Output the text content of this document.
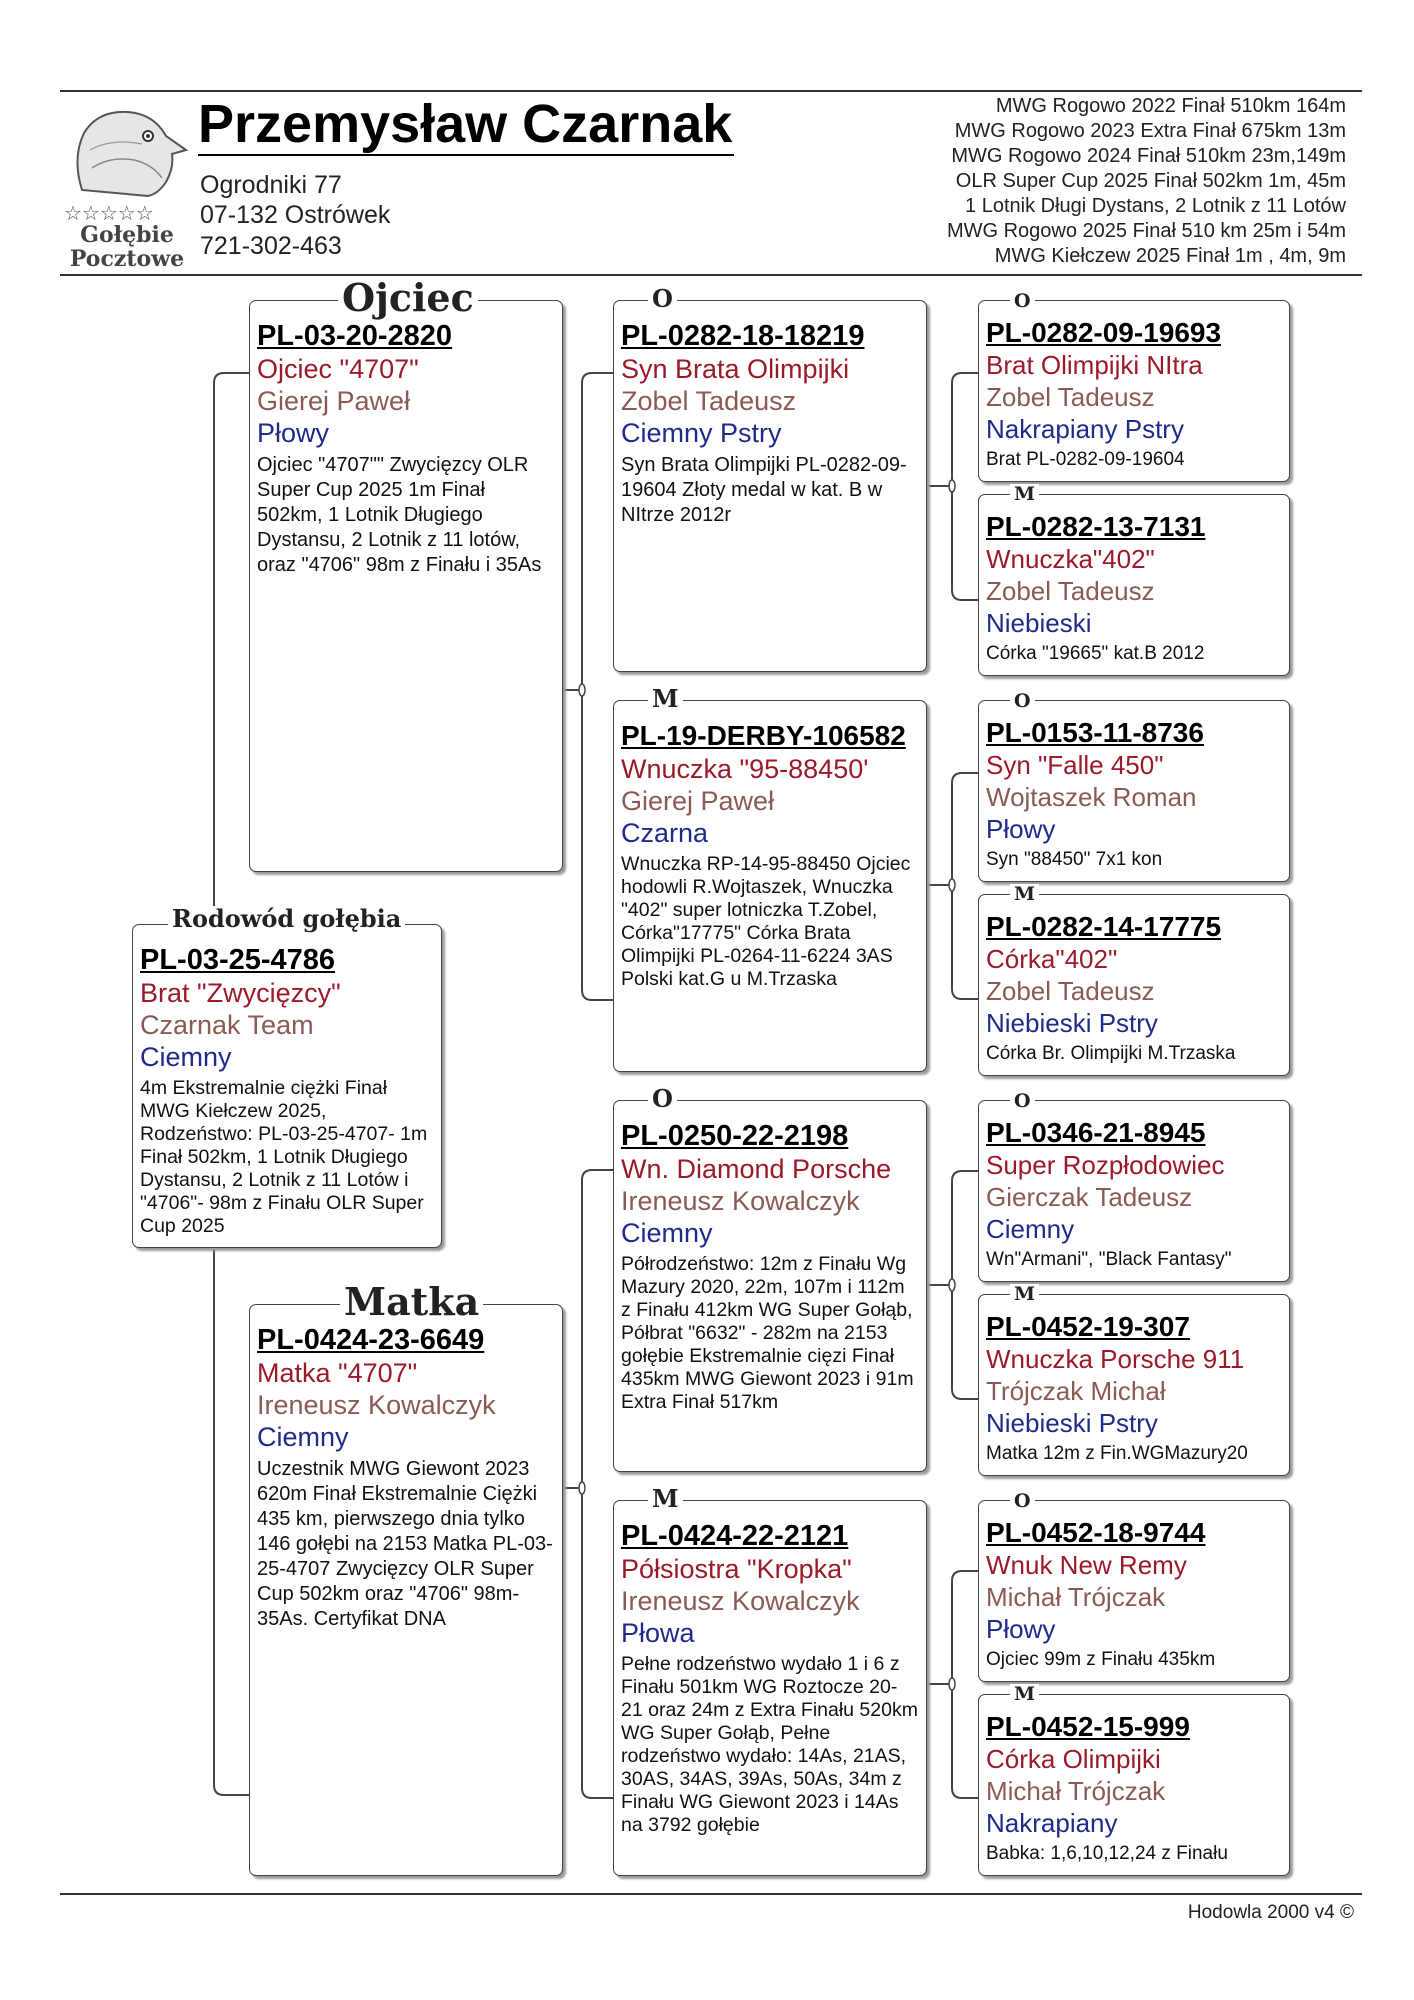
☆☆☆☆☆
Gołębie
Pocztowe
Przemysław Czarnak
Ogrodniki 77
07-132 Ostrówek
721-302-463
MWG Rogowo 2022 Finał 510km 164m
MWG Rogowo 2023 Extra Finał 675km 13m
MWG Rogowo 2024 Finał 510km 23m,149m
OLR Super Cup 2025 Finał 502km 1m, 45m
1 Lotnik Długi Dystans, 2 Lotnik z 11 Lotów
MWG Rogowo 2025 Finał 510 km 25m i 54m
MWG Kiełczew 2025 Finał 1m , 4m, 9m
PL-03-25-4786
Brat "Zwycięzcy"
Czarnak Team
Ciemny
4m Ekstremalnie ciężki Finał MWG Kiełczew 2025, Rodzeństwo: PL-03-25-4707- 1m Finał 502km, 1 Lotnik Długiego Dystansu, 2 Lotnik z 11 Lotów i "4706"- 98m z Finału OLR Super Cup 2025
Rodowód gołębia
PL-03-20-2820
Ojciec "4707"
Gierej Paweł
Płowy
Ojciec "4707"" Zwycięzcy OLR Super Cup 2025 1m Finał 502km, 1 Lotnik Długiego Dystansu, 2 Lotnik z 11 lotów, oraz "4706" 98m z Finału i 35As
Ojciec
PL-0424-23-6649
Matka "4707"
Ireneusz Kowalczyk
Ciemny
Uczestnik MWG Giewont 2023 620m Finał Ekstremalnie Ciężki 435 km, pierwszego dnia tylko 146 gołębi na 2153 Matka PL-03-25-4707 Zwycięzcy OLR Super Cup 502km oraz "4706" 98m- 35As. Certyfikat DNA
Matka
PL-0282-18-18219
Syn Brata Olimpijki
Zobel Tadeusz
Ciemny Pstry
Syn Brata Olimpijki PL-0282-09-19604 Złoty medal w kat. B w NItrze 2012r
O
PL-19-DERBY-106582
Wnuczka "95-88450'
Gierej Paweł
Czarna
Wnuczka RP-14-95-88450 Ojciec hodowli R.Wojtaszek, Wnuczka "402" super lotniczka T.Zobel, Córka"17775" Córka Brata Olimpijki PL-0264-11-6224 3AS Polski kat.G u M.Trzaska
M
PL-0250-22-2198
Wn. Diamond Porsche
Ireneusz Kowalczyk
Ciemny
Półrodzeństwo: 12m z Finału Wg Mazury 2020, 22m, 107m i 112m z Finału 412km WG Super Gołąb, Półbrat "6632" - 282m na 2153 gołębie Ekstremalnie cięzi Finał 435km MWG Giewont 2023 i 91m Extra Finał 517km
O
PL-0424-22-2121
Półsiostra "Kropka"
Ireneusz Kowalczyk
Płowa
Pełne rodzeństwo wydało 1 i 6 z Finału 501km WG Roztocze 20-21 oraz 24m z Extra Finału 520km WG Super Gołąb, Pełne rodzeństwo wydało: 14As, 21AS, 30AS, 34AS, 39As, 50As, 34m z Finału WG Giewont 2023 i 14As na 3792 gołębie
M
PL-0282-09-19693
Brat Olimpijki NItra
Zobel Tadeusz
Nakrapiany Pstry
Brat PL-0282-09-19604
O
PL-0282-13-7131
Wnuczka"402"
Zobel Tadeusz
Niebieski
Córka "19665" kat.B 2012
M
PL-0153-11-8736
Syn "Falle 450"
Wojtaszek Roman
Płowy
Syn "88450" 7x1 kon
O
PL-0282-14-17775
Córka"402"
Zobel Tadeusz
Niebieski Pstry
Córka Br. Olimpijki M.Trzaska
M
PL-0346-21-8945
Super Rozpłodowiec
Gierczak Tadeusz
Ciemny
Wn"Armani", "Black Fantasy"
O
PL-0452-19-307
Wnuczka Porsche 911
Trójczak Michał
Niebieski Pstry
Matka 12m z Fin.WGMazury20
M
PL-0452-18-9744
Wnuk New Remy
Michał Trójczak
Płowy
Ojciec 99m z Finału 435km
O
PL-0452-15-999
Córka Olimpijki
Michał Trójczak
Nakrapiany
Babka: 1,6,10,12,24 z Finału
M
Hodowla 2000 v4 ©
